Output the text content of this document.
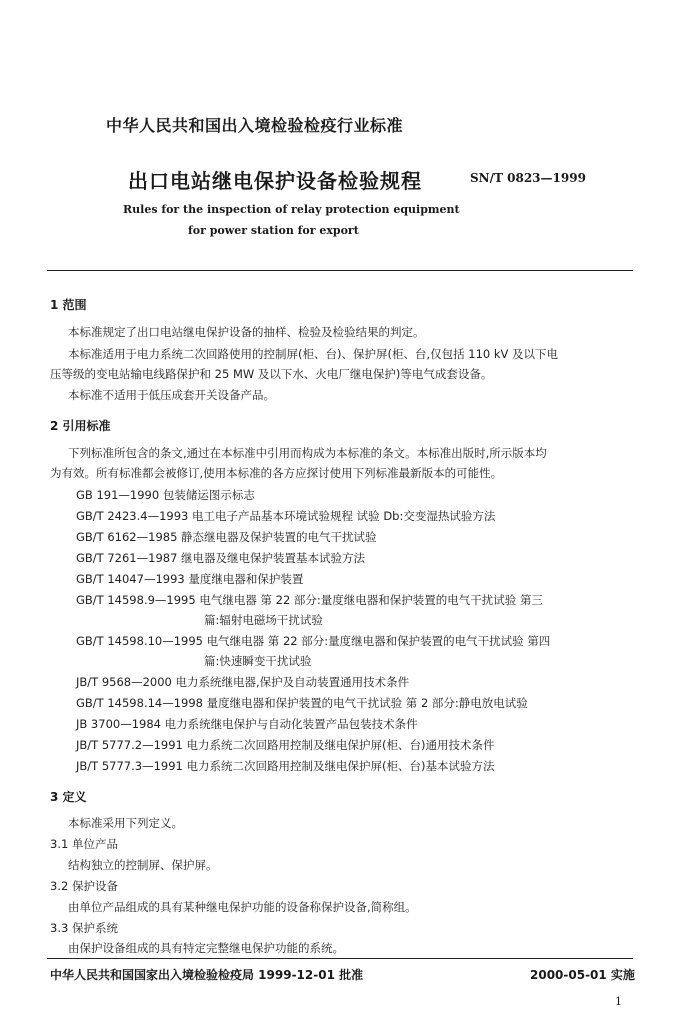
中华人民共和国出入境检验检疫行业标准
出口电站继电保护设备检验规程	SN/T 0823—1999
Rules for the inspection of relay protection equipment
for power station for export
1 范围
本标准规定了出口电站继电保护设备的抽样、检验及检验结果的判定。
本标准适用于电力系统二次回路使用的控制屏(柜、台)、保护屏(柜、台,仅包括 110 kV 及以下电
压等级的变电站输电线路保护和 25 MW 及以下水、火电厂继电保护)等电气成套设备。
本标准不适用于低压成套开关设备产品。
2 引用标准
下列标准所包含的条文,通过在本标准中引用而构成为本标准的条文。本标准出版时,所示版本均
为有效。所有标准都会被修订,使用本标准的各方应探讨使用下列标准最新版本的可能性。
GB 191—1990 包装储运图示标志
GB/T 2423.4—1993 电工电子产品基本环境试验规程 试验 Db:交变湿热试验方法
GB/T 6162—1985 静态继电器及保护装置的电气干扰试验
GB/T 7261—1987 继电器及继电保护装置基本试验方法
GB/T 14047—1993 量度继电器和保护装置
GB/T 14598.9—1995 电气继电器 第 22 部分:量度继电器和保护装置的电气干扰试验 第三
篇:辐射电磁场干扰试验
GB/T 14598.10—1995 电气继电器 第 22 部分:量度继电器和保护装置的电气干扰试验 第四
篇:快速瞬变干扰试验
JB/T 9568—2000 电力系统继电器,保护及自动装置通用技术条件
GB/T 14598.14—1998 量度继电器和保护装置的电气干扰试验 第 2 部分:静电放电试验
JB 3700—1984 电力系统继电保护与自动化装置产品包装技术条件
JB/T 5777.2—1991 电力系统二次回路用控制及继电保护屏(柜、台)通用技术条件
JB/T 5777.3—1991 电力系统二次回路用控制及继电保护屏(柜、台)基本试验方法
3 定义
本标准采用下列定义。
3.1 单位产品
结构独立的控制屏、保护屏。
3.2 保护设备
由单位产品组成的具有某种继电保护功能的设备称保护设备,简称组。
3.3 保护系统
由保护设备组成的具有特定完整继电保护功能的系统。
中华人民共和国国家出入境检验检疫局 1999-12-01 批准	2000-05-01 实施
1
